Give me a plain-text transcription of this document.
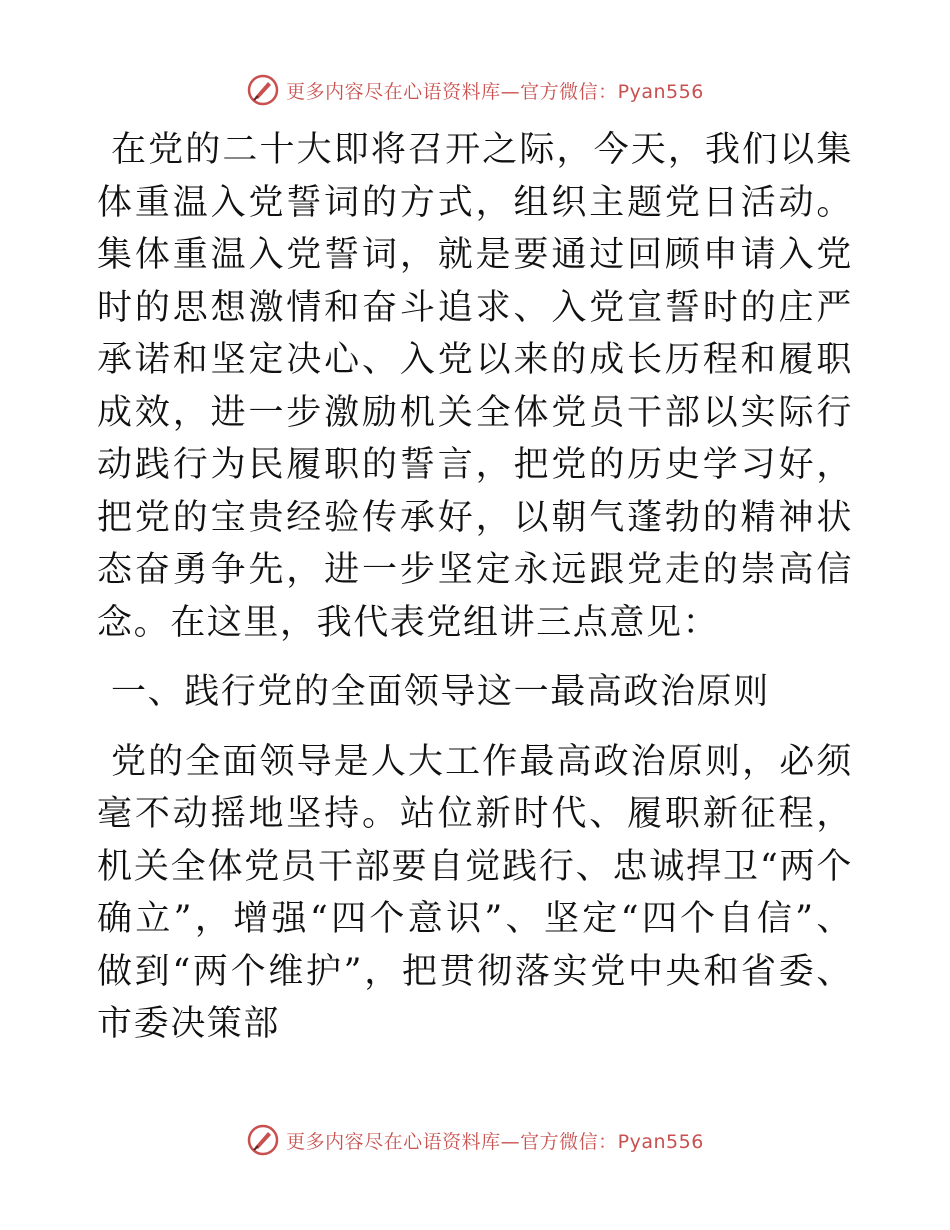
更多内容尽在心语资料库—官方微信：Pyan556

在党的二十大即将召开之际，今天，我们以集体重温入党誓词的方式，组织主题党日活动。集体重温入党誓词，就是要通过回顾申请入党时的思想激情和奋斗追求、入党宣誓时的庄严承诺和坚定决心、入党以来的成长历程和履职成效，进一步激励机关全体党员干部以实际行动践行为民履职的誓言，把党的历史学习好，把党的宝贵经验传承好，以朝气蓬勃的精神状态奋勇争先，进一步坚定永远跟党走的崇高信念。在这里，我代表党组讲三点意见：

一、践行党的全面领导这一最高政治原则

党的全面领导是人大工作最高政治原则，必须毫不动摇地坚持。站位新时代、履职新征程，机关全体党员干部要自觉践行、忠诚捍卫“两个确立”，增强“四个意识”、坚定“四个自信”、做到“两个维护”，把贯彻落实党中央和省委、市委决策部

更多内容尽在心语资料库—官方微信：Pyan556
